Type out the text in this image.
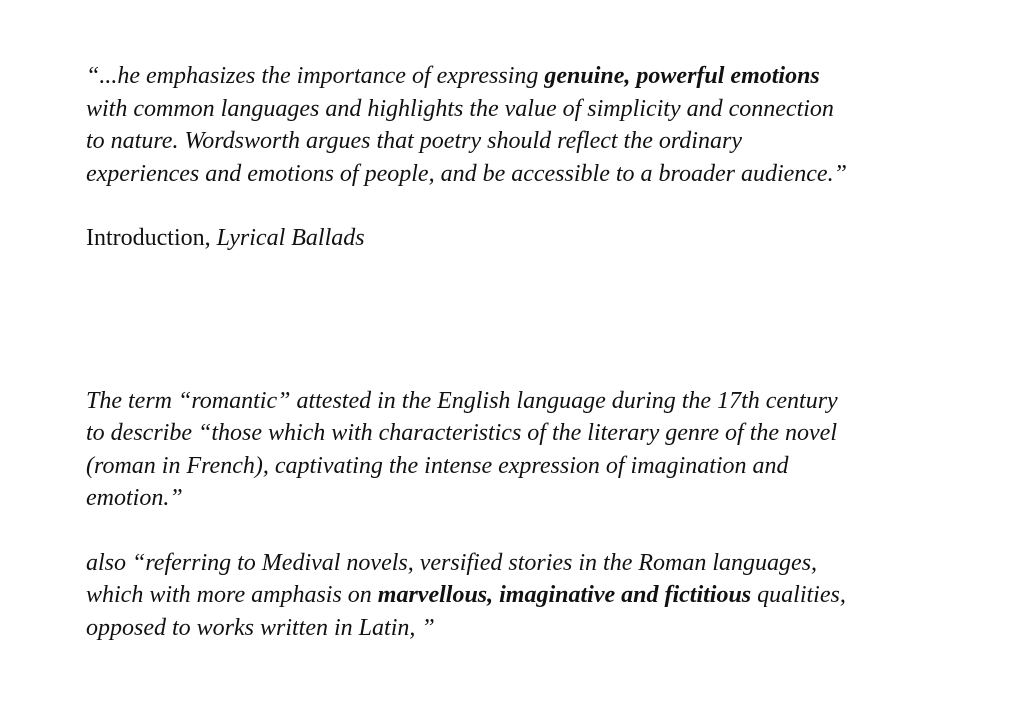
“...he emphasizes the importance of expressing genuine, powerful emotions
with common languages and highlights the value of simplicity and connection
to nature. Wordsworth argues that poetry should reflect the ordinary
experiences and emotions of people, and be accessible to a broader audience.”

Introduction, Lyrical Ballads

The term “romantic” attested in the English language during the 17th century
to describe “those which with characteristics of the literary genre of the novel
(roman in French), captivating the intense expression of imagination and
emotion.”

also “referring to Medival novels, versified stories in the Roman languages,
which with more amphasis on marvellous, imaginative and fictitious qualities,
opposed to works written in Latin, ”
